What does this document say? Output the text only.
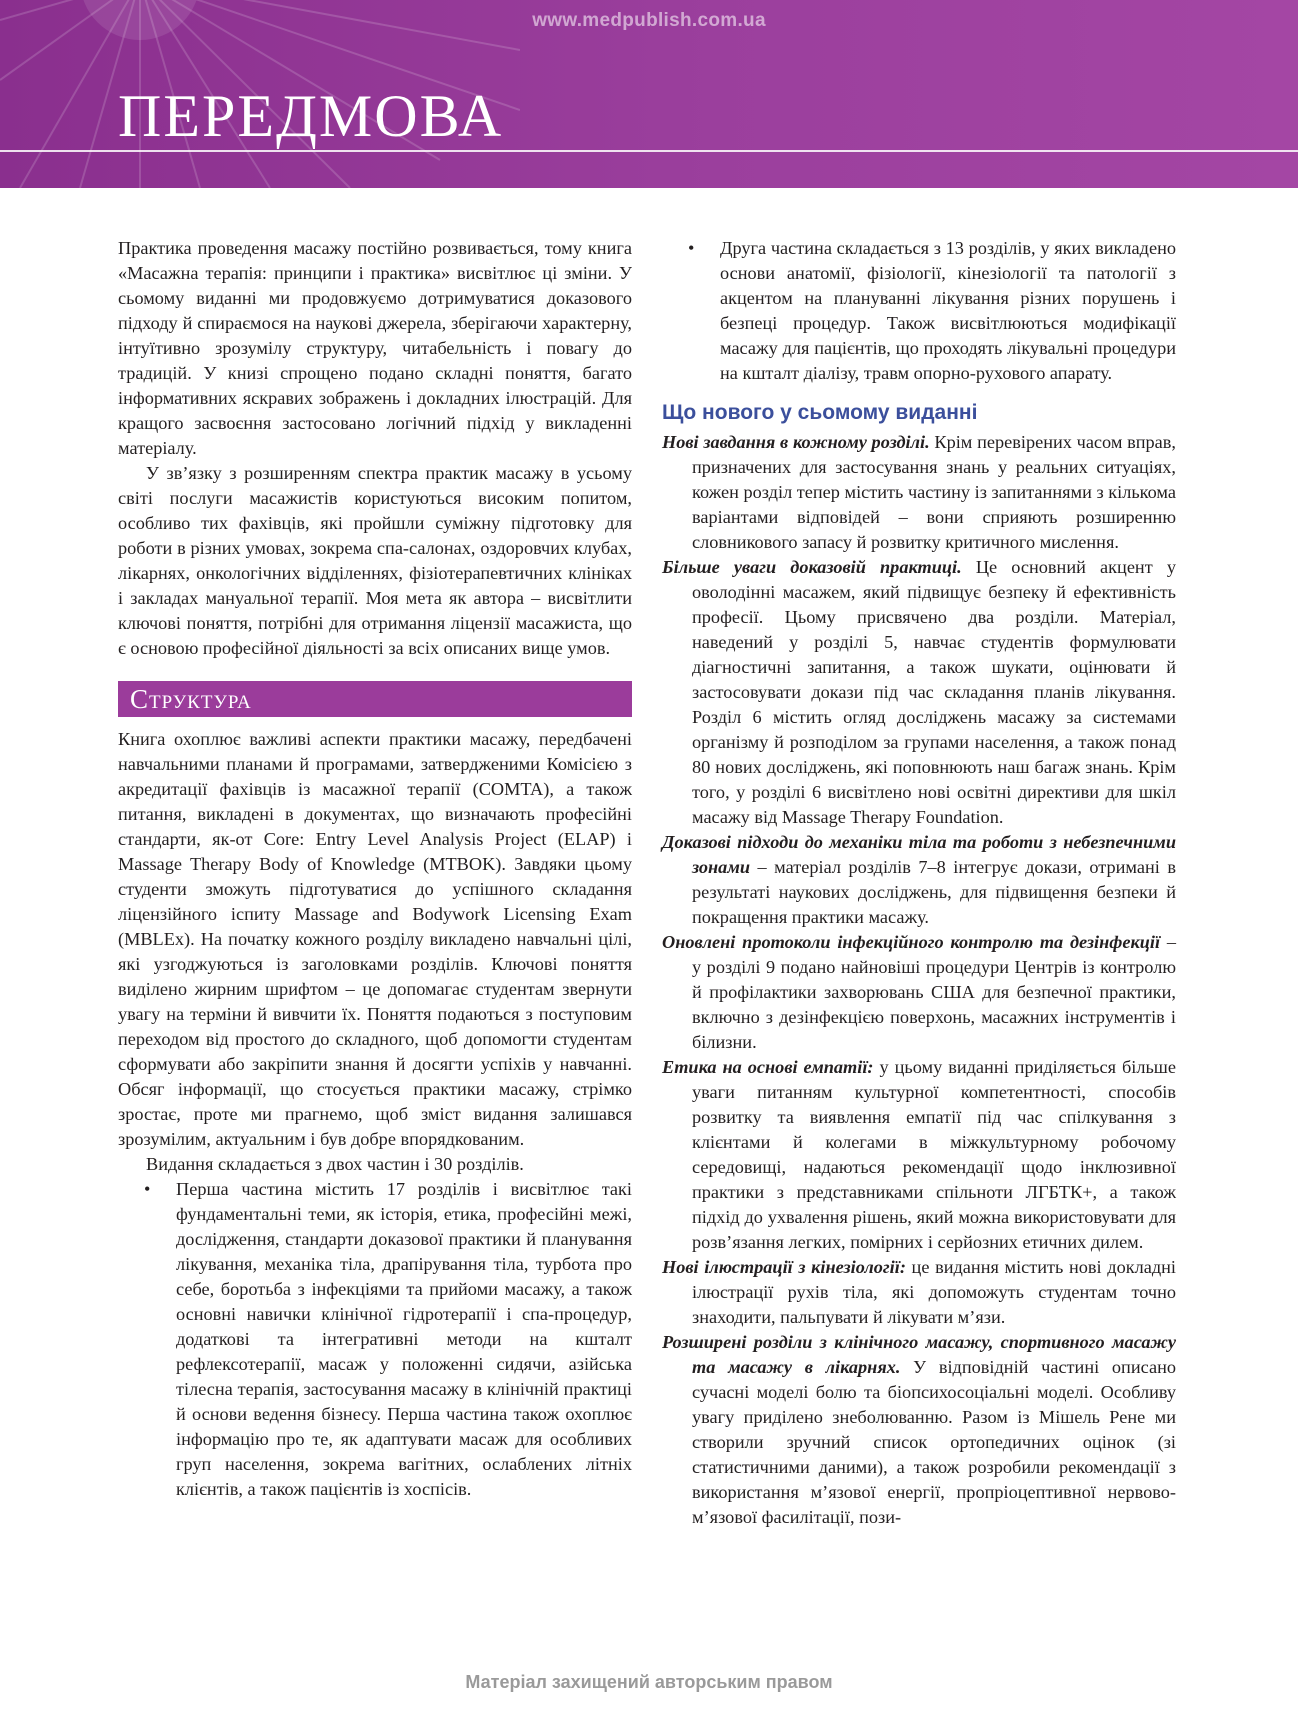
www.medpublish.com.ua
ПЕРЕДМОВА

Практика проведення масажу постійно розвивається, тому книга «Масажна терапія: принципи і практика» висвітлює ці зміни. У сьомому виданні ми продовжуємо дотримуватися доказового підходу й спираємося на наукові джерела, зберігаючи характерну, інтуїтивно зрозумілу структуру, читабельність і повагу до традицій. У книзі спрощено подано складні поняття, багато інформативних яскравих зображень і докладних ілюстрацій. Для кращого засвоєння застосовано логічний підхід у викладенні матеріалу.

У зв’язку з розширенням спектра практик масажу в усьому світі послуги масажистів користуються високим попитом, особливо тих фахівців, які пройшли суміжну підготовку для роботи в різних умовах, зокрема спа-салонах, оздоровчих клубах, лікарнях, онкологічних відділеннях, фізіотерапевтичних клініках і закладах мануальної терапії. Моя мета як автора – висвітлити ключові поняття, потрібні для отримання ліцензії масажиста, що є основою професійної діяльності за всіх описаних вище умов.

Структура

Книга охоплює важливі аспекти практики масажу, передбачені навчальними планами й програмами, затвердженими Комісією з акредитації фахівців із масажної терапії (COMTA), а також питання, викладені в документах, що визначають професійні стандарти, як-от Core: Entry Level Analysis Project (ELAP) і Massage Therapy Body of Knowledge (MTBOK). Завдяки цьому студенти зможуть підготуватися до успішного складання ліцензійного іспиту Massage and Bodywork Licensing Exam (MBLEx). На початку кожного розділу викладено навчальні цілі, які узгоджуються із заголовками розділів. Ключові поняття виділено жирним шрифтом – це допомагає студентам звернути увагу на терміни й вивчити їх. Поняття подаються з поступовим переходом від простого до складного, щоб допомогти студентам сформувати або закріпити знання й досягти успіхів у навчанні. Обсяг інформації, що стосується практики масажу, стрімко зростає, проте ми прагнемо, щоб зміст видання залишався зрозумілим, актуальним і був добре впорядкованим.

Видання складається з двох частин і 30 розділів.

• Перша частина містить 17 розділів і висвітлює такі фундаментальні теми, як історія, етика, професійні межі, дослідження, стандарти доказової практики й планування лікування, механіка тіла, драпірування тіла, турбота про себе, боротьба з інфекціями та прийоми масажу, а також основні навички клінічної гідротерапії і спа-процедур, додаткові та інтегративні методи на кшталт рефлексотерапії, масаж у положенні сидячи, азійська тілесна терапія, застосування масажу в клінічній практиці й основи ведення бізнесу. Перша частина також охоплює інформацію про те, як адаптувати масаж для особливих груп населення, зокрема вагітних, ослаблених літніх клієнтів, а також пацієнтів із хоспісів.
• Друга частина складається з 13 розділів, у яких викладено основи анатомії, фізіології, кінезіології та патології з акцентом на плануванні лікування різних порушень і безпеці процедур. Також висвітлюються модифікації масажу для пацієнтів, що проходять лікувальні процедури на кшталт діалізу, травм опорно-рухового апарату.
Що нового у сьомому виданні

Нові завдання в кожному розділі. Крім перевірених часом вправ, призначених для застосування знань у реальних ситуаціях, кожен розділ тепер містить частину із запитаннями з кількома варіантами відповідей – вони сприяють розширенню словникового запасу й розвитку критичного мислення.

Більше уваги доказовій практиці. Це основний акцент у оволодінні масажем, який підвищує безпеку й ефективність професії. Цьому присвячено два розділи. Матеріал, наведений у розділі 5, навчає студентів формулювати діагностичні запитання, а також шукати, оцінювати й застосовувати докази під час складання планів лікування. Розділ 6 містить огляд досліджень масажу за системами організму й розподілом за групами населення, а також понад 80 нових досліджень, які поповнюють наш багаж знань. Крім того, у розділі 6 висвітлено нові освітні директиви для шкіл масажу від Massage Therapy Foundation.

Доказові підходи до механіки тіла та роботи з небезпечними зонами – матеріал розділів 7–8 інтегрує докази, отримані в результаті наукових досліджень, для підвищення безпеки й покращення практики масажу.

Оновлені протоколи інфекційного контролю та дезінфекції – у розділі 9 подано найновіші процедури Центрів із контролю й профілактики захворювань США для безпечної практики, включно з дезінфекцією поверхонь, масажних інструментів і білизни.

Етика на основі емпатії: у цьому виданні приділяється більше уваги питанням культурної компетентності, способів розвитку та виявлення емпатії під час спілкування з клієнтами й колегами в міжкультурному робочому середовищі, надаються рекомендації щодо інклюзивної практики з представниками спільноти ЛГБТК+, а також підхід до ухвалення рішень, який можна використовувати для розв’язання легких, помірних і серйозних етичних дилем.

Нові ілюстрації з кінезіології: це видання містить нові докладні ілюстрації рухів тіла, які допоможуть студентам точно знаходити, пальпувати й лікувати м’язи.

Розширені розділи з клінічного масажу, спортивного масажу та масажу в лікарнях. У відповідній частині описано сучасні моделі болю та біопсихосоціальні моделі. Особливу увагу приділено знеболюванню. Разом із Мішель Рене ми створили зручний список ортопедичних оцінок (зі статистичними даними), а також розробили рекомендації з використання м’язової енергії, пропріоцептивної нервово-м’язової фасилітації, пози-

Матеріал захищений авторським правом
